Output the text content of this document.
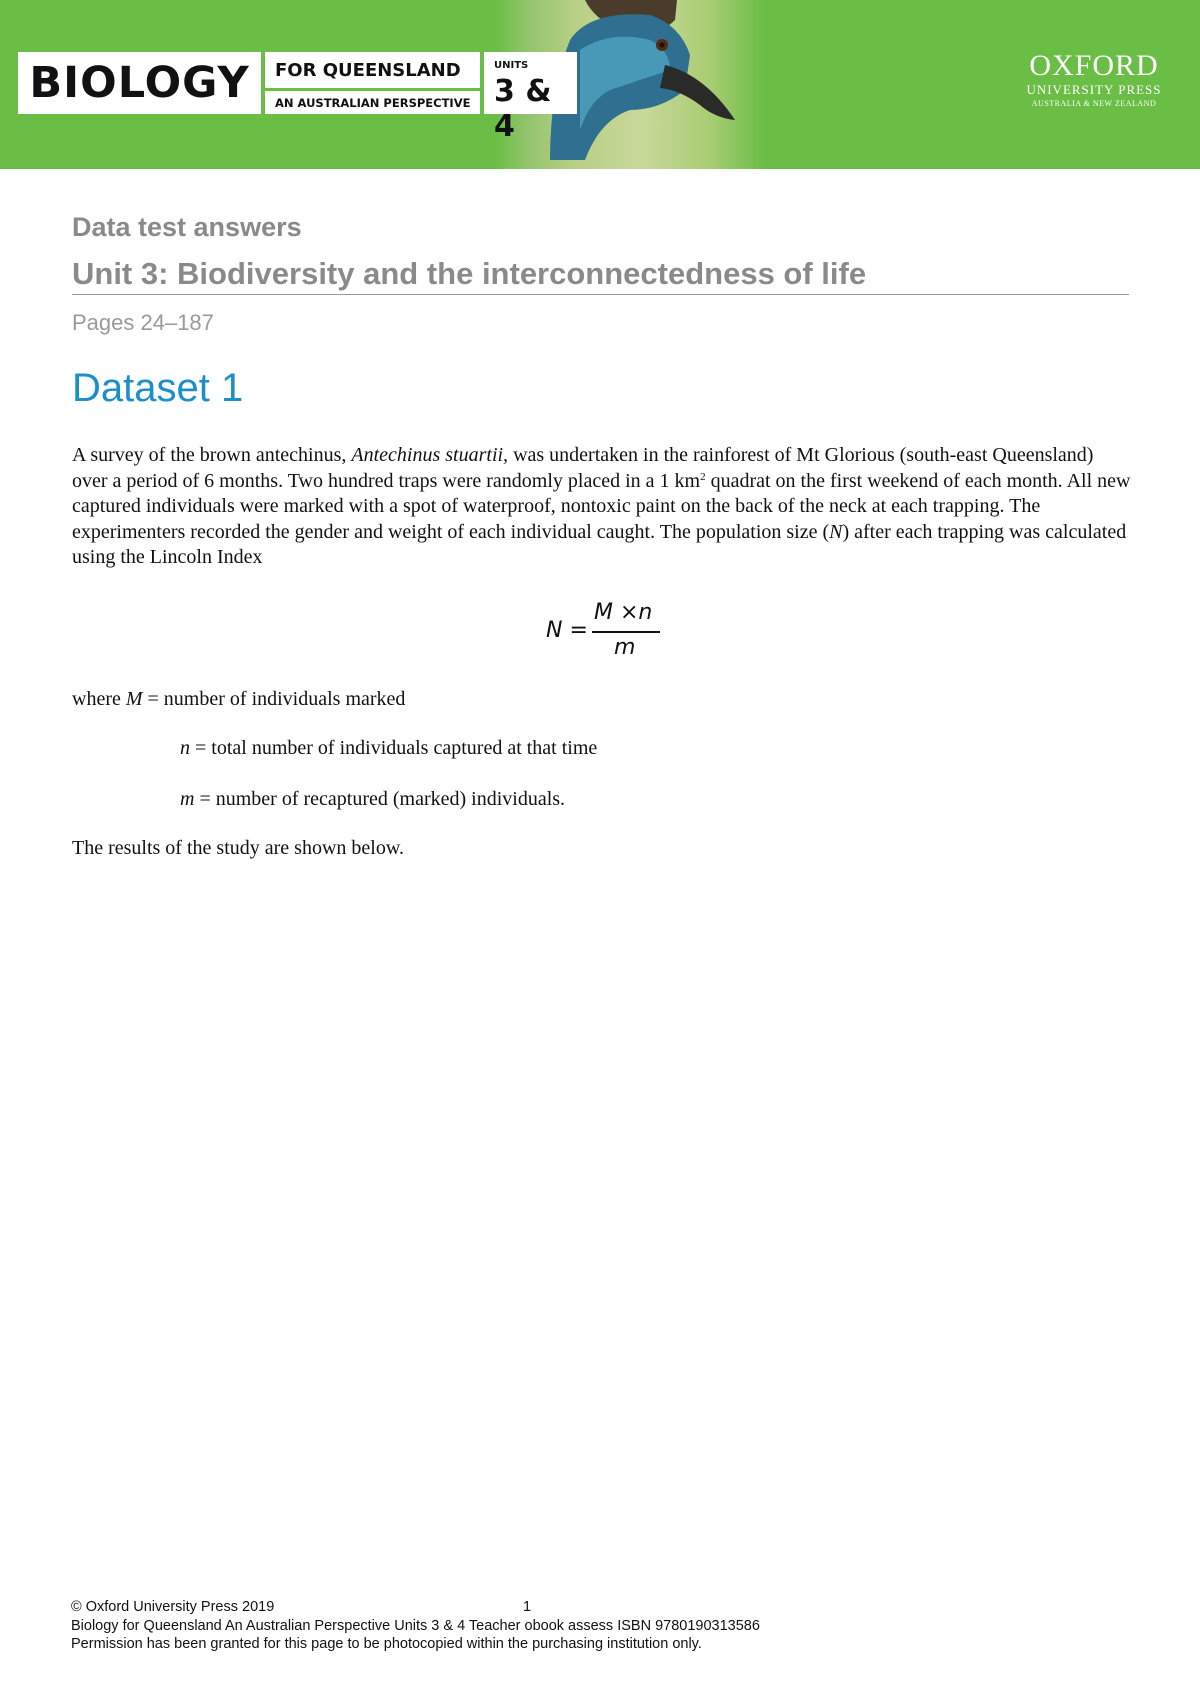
BIOLOGY	FOR QUEENSLAND
AN AUSTRALIAN PERSPECTIVE
UNITS
3 & 4
OXFORD
UNIVERSITY PRESS
AUSTRALIA & NEW ZEALAND
Data test answers
Unit 3: Biodiversity and the interconnectedness of life
Pages 24–187
Dataset 1
A survey of the brown antechinus, Antechinus stuartii, was undertaken in the rainforest of Mt Glorious (south-east Queensland) over a period of 6 months. Two hundred traps were randomly placed in a 1 $km^2$ quadrat on the first weekend of each month. All new captured individuals were marked with a spot of waterproof, nontoxic paint on the back of the neck at each trapping. The experimenters recorded the gender and weight of each individual caught. The population size (N) after each trapping was calculated using the Lincoln Index
N =
M ×n
m
where M = number of individuals marked
n = total number of individuals captured at that time
m = number of recaptured (marked) individuals.
The results of the study are shown below.
© Oxford University Press 2019	1
Biology for Queensland An Australian Perspective Units 3 & 4 Teacher obook assess ISBN 9780190313586
Permission has been granted for this page to be photocopied within the purchasing institution only.
